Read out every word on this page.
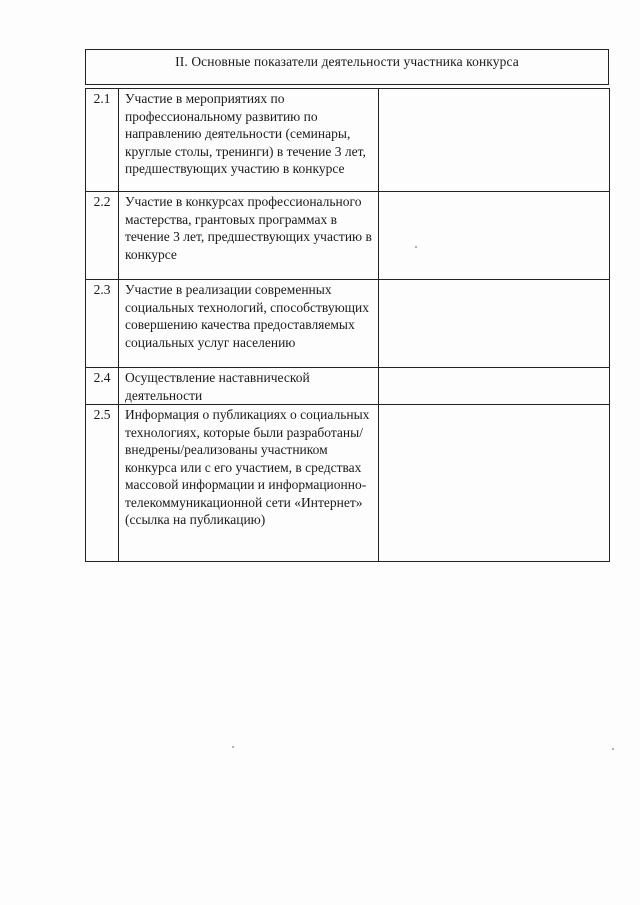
II. Основные показатели деятельности участника конкурса
2.1	Участие в мероприятиях по профессиональному развитию по направлению деятельности (семинары, круглые столы, тренинги) в течение 3 лет, предшествующих участию в конкурсе	
2.2	Участие в конкурсах профессионального мастерства, грантовых программах в течение 3 лет, предшествующих участию в конкурсе	
2.3	Участие в реализации современных социальных технологий, способствующих совершению качества предоставляемых социальных услуг населению	
2.4	Осуществление наставнической деятельности	
2.5	Информация о публикациях о социальных технологиях, которые были разработаны/внедрены/реализованы участником конкурса или с его участием, в средствах массовой информации и информационно-телекоммуникационной сети «Интернет» (ссылка на публикацию)	
